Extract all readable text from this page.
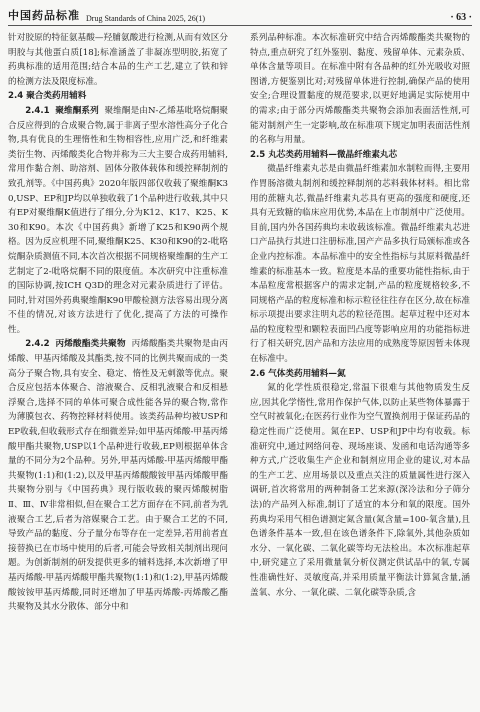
中国药品标准 Drug Standards of China 2025, 26(1)	· 63 ·

针对胶原的特征氨基酸—羟脯氨酸进行检测,从而有效区分明胶与其他蛋白质[18];标准涵盖了非凝冻型明胶,拓宽了药典标准的适用范围;结合本品的生产工艺,建立了铁和锌的检测方法及限度标准。

2.4 聚合类药用辅料

2.4.1 聚维酮系列 聚维酮是由N-乙烯基吡咯烷酮聚合反应得到的合成聚合物,属于非离子型水溶性高分子化合物,具有优良的生理惰性和生物相容性,应用广泛,和纤维素类衍生物、丙烯酸类化合物并称为三大主要合成药用辅料,常用作黏合剂、助溶剂、固体分散体载体和缓控释制剂的致孔剂等。《中国药典》2020年版四部仅收载了聚维酮K30,USP、EP和JP均以单独收载了1个品种进行收载,其中只有EP对聚维酮K值进行了细分,分为K12、K17、K25、K30和K90。本次《中国药典》新增了K25和K90两个规格。因为反应机理不同,聚维酮K25、K30和K90的2-吡咯烷酮杂质测值不同,本次首次根据不同规格聚维酮的生产工艺制定了2-吡咯烷酮不同的限度值。本次研究中注重标准的国际协调,按ICH Q3D的理念对元素杂质进行了评估。同时,针对国外药典聚维酮K90甲酸检测方法容易出现分离不佳的情况,对该方法进行了优化,提高了方法的可操作性。

2.4.2 丙烯酸酯类共聚物 丙烯酸酯类共聚物是由丙烯酸、甲基丙烯酸及其酯类,按不同的比例共聚而成的一类高分子聚合物,具有安全、稳定、惰性及无刺激等优点。聚合反应包括本体聚合、溶液聚合、反相乳液聚合和反相悬浮聚合,选择不同的单体可聚合成性能各异的聚合物,常作为薄膜包衣、药物控释材料使用。该类药品种均被USP和EP收载,但收载形式存在细微差异;如甲基丙烯酸-甲基丙烯酸甲酯共聚物,USP以1个品种进行收载,EP则根据单体含量的不同分为2个品种。另外,甲基丙烯酸-甲基丙烯酸甲酯共聚物(1:1)和(1:2),以及甲基丙烯酸酸铵甲基丙烯酸甲酯共聚物分别与《中国药典》现行版收载的聚丙烯酸树脂Ⅱ、Ⅲ、Ⅳ非常相似,但在聚合工艺方面存在不同,前者为乳液聚合工艺,后者为溶媒聚合工艺。由于聚合工艺的不同,导致产品的黏度、分子量分布等存在一定差异,若用前者直接替换已在市场中使用的后者,可能会导致相关制剂出现问题。为创新制剂的研发提供更多的辅料选择,本次新增了甲基丙烯酸-甲基丙烯酸甲酯共聚物(1:1)和(1:2),甲基丙烯酸酸铵铵甲基丙烯酸,同时还增加了甲基丙烯酸-丙烯酸乙酯共聚物及其水分散体、部分中和

系列品种标准。本次标准研究中结合丙烯酸酯类共聚物的特点,重点研究了红外鉴别、黏度、残留单体、元素杂质、单体含量等项目。在标准中附有各品种的红外光吸收对照图谱,方便鉴别比对;对残留单体进行控制,确保产品的使用安全;合理设置黏度的规范要求,以更好地满足实际使用中的需求;由于部分丙烯酸酯类共聚物会添加表面活性剂,可能对制剂产生一定影响,故在标准项下规定加明表面活性剂的名称与用量。

2.5 丸芯类药用辅料—微晶纤维素丸芯

微晶纤维素丸芯是由微晶纤维素加水制粒而得,主要用作胃肠溶微丸制剂和缓控释制剂的芯料载体材料。相比常用的蔗糖丸芯,微晶纤维素丸芯具有更高的强度和硬度,还具有无致糖的临床应用优势,本品在上市制剂中广泛使用。目前,国内外各国药典均未收载该标准。微晶纤维素丸芯进口产品执行其进口注册标准,国产产品多执行局颁标准或各企业内控标准。本品标准中的安全性指标与其原料微晶纤维素的标准基本一致。粒度是本品的重要功能性指标,由于本品粒度常根据客户的需求定制,产品的粒度规格较多,不同规格产品的粒度标准和标示粒径往往存在区分,故在标准标示项提出要求注明丸芯的粒径范围。起草过程中还对本品的粒度粒型和颗粒表面凹凸度等影响应用的功能指标进行了相关研究,因产品和方法应用的成熟度等原因暂未体现在标准中。

2.6 气体类药用辅料—氮

氮的化学性质很稳定,常温下很难与其他物质发生反应,因其化学惰性,常用作保护气体,以防止某些物体暴露于空气时被氧化;在医药行业作为空气置换剂用于保证药品的稳定性而广泛使用。氮在EP、USP和JP中均有收载。标准研究中,通过网络问卷、现场座谈、发函和电话沟通等多种方式,广泛收集生产企业和制剂应用企业的建议,对本品的生产工艺、应用场景以及重点关注的质量属性进行深入调研,首次将常用的两种制备工艺来源(深冷法和分子筛分法)的产品列入标准,制订了适宜的本分和氧的限度。国外药典均采用气相色谱测定氮含量(氮含量=100-氧含量),且色谱条件基本一致,但在该色谱条件下,除氧外,其他杂质如水分、一氧化碳、二氧化碳等均无法检出。本次标准起草中,研究建立了采用微量氧分析仪测定供试品中的氧,专属性准确性好、灵敏度高,并采用质量平衡法计算氮含量,涵盖氧、水分、一氧化碳、二氧化碳等杂质,含
